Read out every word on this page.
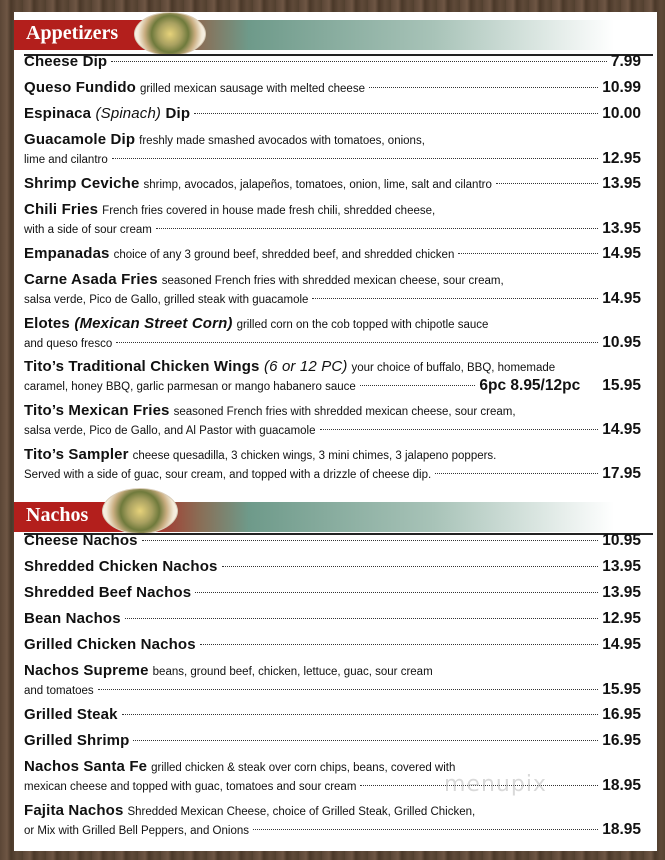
Appetizers
Cheese Dip	7.99
Queso Fundido grilled mexican sausage with melted cheese	10.99
Espinaca
(Spinach)
Dip	10.00
Guacamole Dip freshly made smashed avocados with tomatoes, onions,
lime and cilantro	12.95
Shrimp Ceviche shrimp, avocados, jalapeños, tomatoes, onion, lime, salt and cilantro	13.95
Chili Fries French fries covered in house made fresh chili, shredded cheese,
with a side of sour cream	13.95
Empanadas choice of any 3 ground beef, shredded beef, and shredded chicken	14.95
Carne Asada Fries seasoned French fries with shredded mexican cheese, sour cream,
salsa verde, Pico de Gallo, grilled steak with guacamole	14.95
Elotes
(Mexican Street Corn) grilled corn on the cob topped with chipotle sauce
and queso fresco	10.95
Tito’s Traditional Chicken Wings
(6 or 12 PC) your choice of buffalo, BBQ, homemade
caramel, honey BBQ, garlic parmesan or mango habanero sauce	6pc 8.95/12pc 15.95
Tito’s Mexican Fries seasoned French fries with shredded mexican cheese, sour cream,
salsa verde, Pico de Gallo, and Al Pastor with guacamole	14.95
Tito’s Sampler cheese quesadilla, 3 chicken wings, 3 mini chimes, 3 jalapeno poppers.
Served with a side of guac, sour cream, and topped with a drizzle of cheese dip.	17.95
Nachos
Cheese Nachos	10.95
Shredded Chicken Nachos	13.95
Shredded Beef Nachos	13.95
Bean Nachos	12.95
Grilled Chicken Nachos	14.95
Nachos Supreme beans, ground beef, chicken, lettuce, guac, sour cream
and tomatoes	15.95
Grilled Steak	16.95
Grilled Shrimp	16.95
Nachos Santa Fe grilled chicken & steak over corn chips, beans, covered with
mexican cheese and topped with guac, tomatoes and sour cream	18.95
Fajita Nachos Shredded Mexican Cheese, choice of Grilled Steak, Grilled Chicken,
or Mix with Grilled Bell Peppers, and Onions	18.95
menupix
